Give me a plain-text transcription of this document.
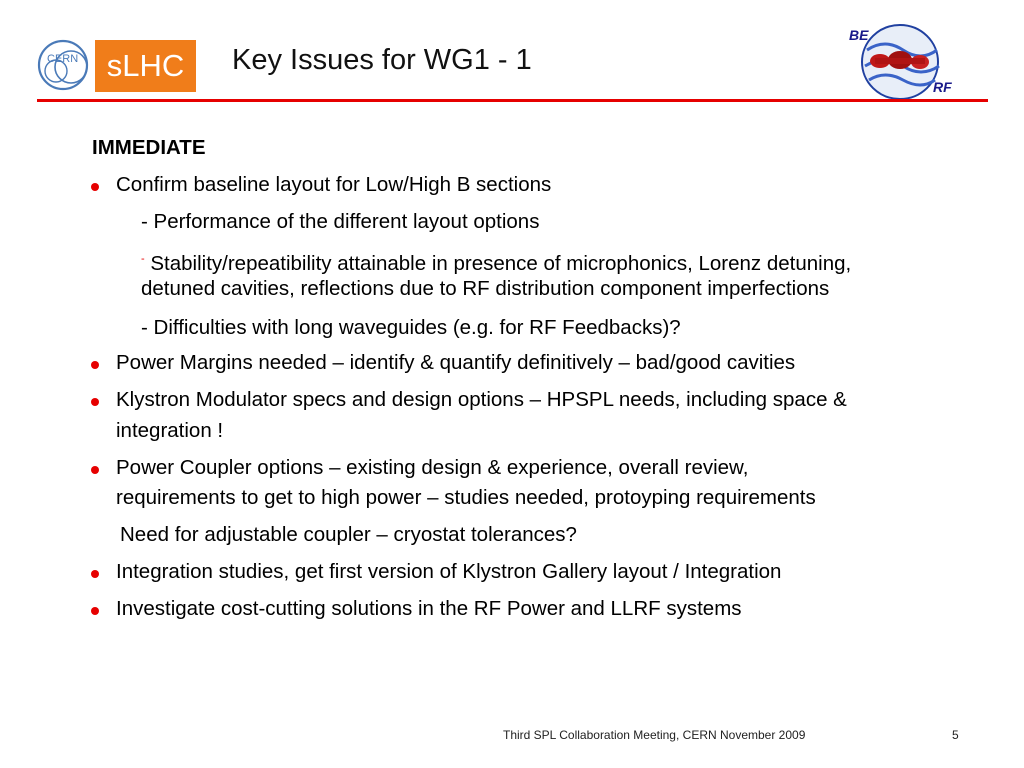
CERN sLHC	Key Issues for WG1 - 1
BE
RF
IMMEDIATE
Confirm baseline layout for Low/High B sections
- Performance of the different layout options
- Stability/repeatibility attainable in presence of microphonics, Lorenz detuning,
detuned cavities, reflections due to RF distribution component imperfections
- Difficulties with long waveguides (e.g. for RF Feedbacks)?
Power Margins needed – identify & quantify definitively – bad/good cavities
Klystron Modulator specs and design options – HPSPL needs, including space &
integration !
Power Coupler options – existing design & experience, overall review,
requirements to get to high power – studies needed, protoyping requirements
Need for adjustable coupler – cryostat tolerances?
Integration studies, get first version of Klystron Gallery layout / Integration
Investigate cost-cutting solutions in the RF Power and LLRF systems
Third SPL Collaboration Meeting, CERN November 2009	5
